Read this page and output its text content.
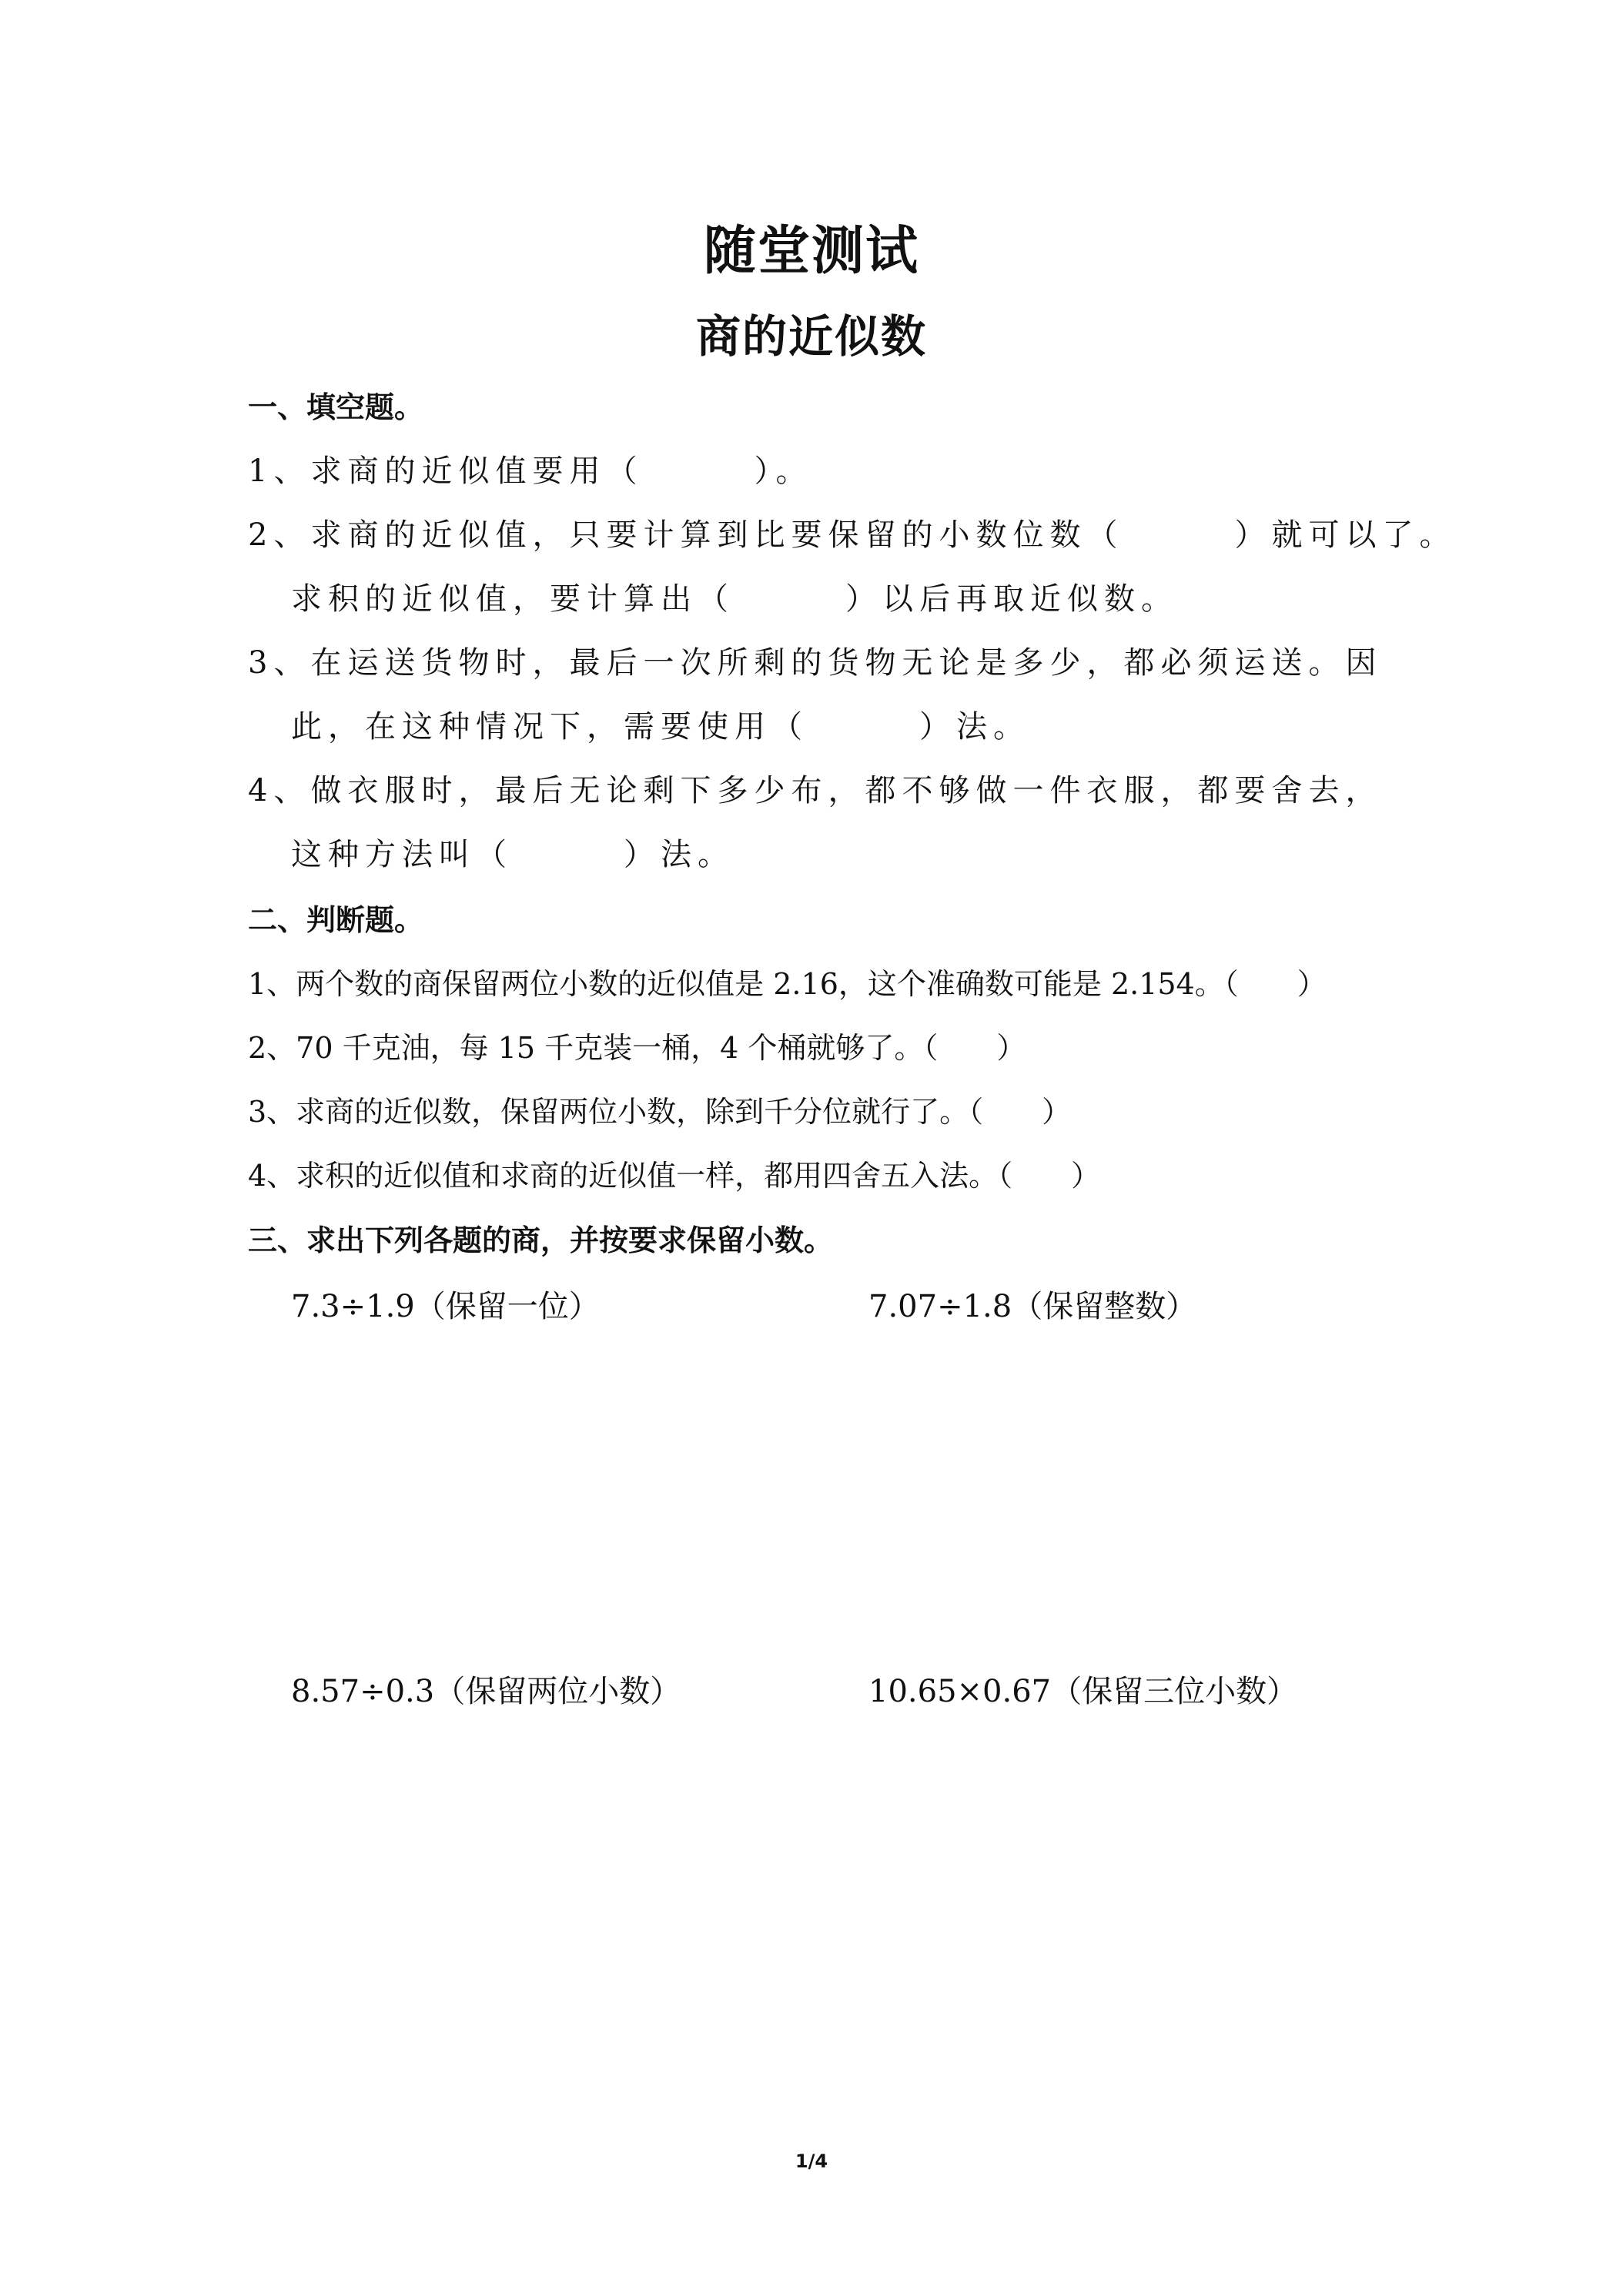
随堂测试
商的近似数
一、填空题。
1、求商的近似值要用（　　　）。
2、求商的近似值，只要计算到比要保留的小数位数（　　　）就可以了。
求积的近似值，要计算出（　　　）以后再取近似数。
3、在运送货物时，最后一次所剩的货物无论是多少，都必须运送。因
此，在这种情况下，需要使用（　　　）法。
4、做衣服时，最后无论剩下多少布，都不够做一件衣服，都要舍去，
这种方法叫（　　　）法。
二、判断题。
1、两个数的商保留两位小数的近似值是 2.16，这个准确数可能是 2.154。（　　）
2、70 千克油，每 15 千克装一桶，4 个桶就够了。（　　）
3、求商的近似数，保留两位小数，除到千分位就行了。（　　）
4、求积的近似值和求商的近似值一样，都用四舍五入法。（　　）
三、求出下列各题的商，并按要求保留小数。
7.3÷1.9（保留一位）	7.07÷1.8（保留整数）
8.57÷0.3（保留两位小数）	10.65×0.67（保留三位小数）
1/4
